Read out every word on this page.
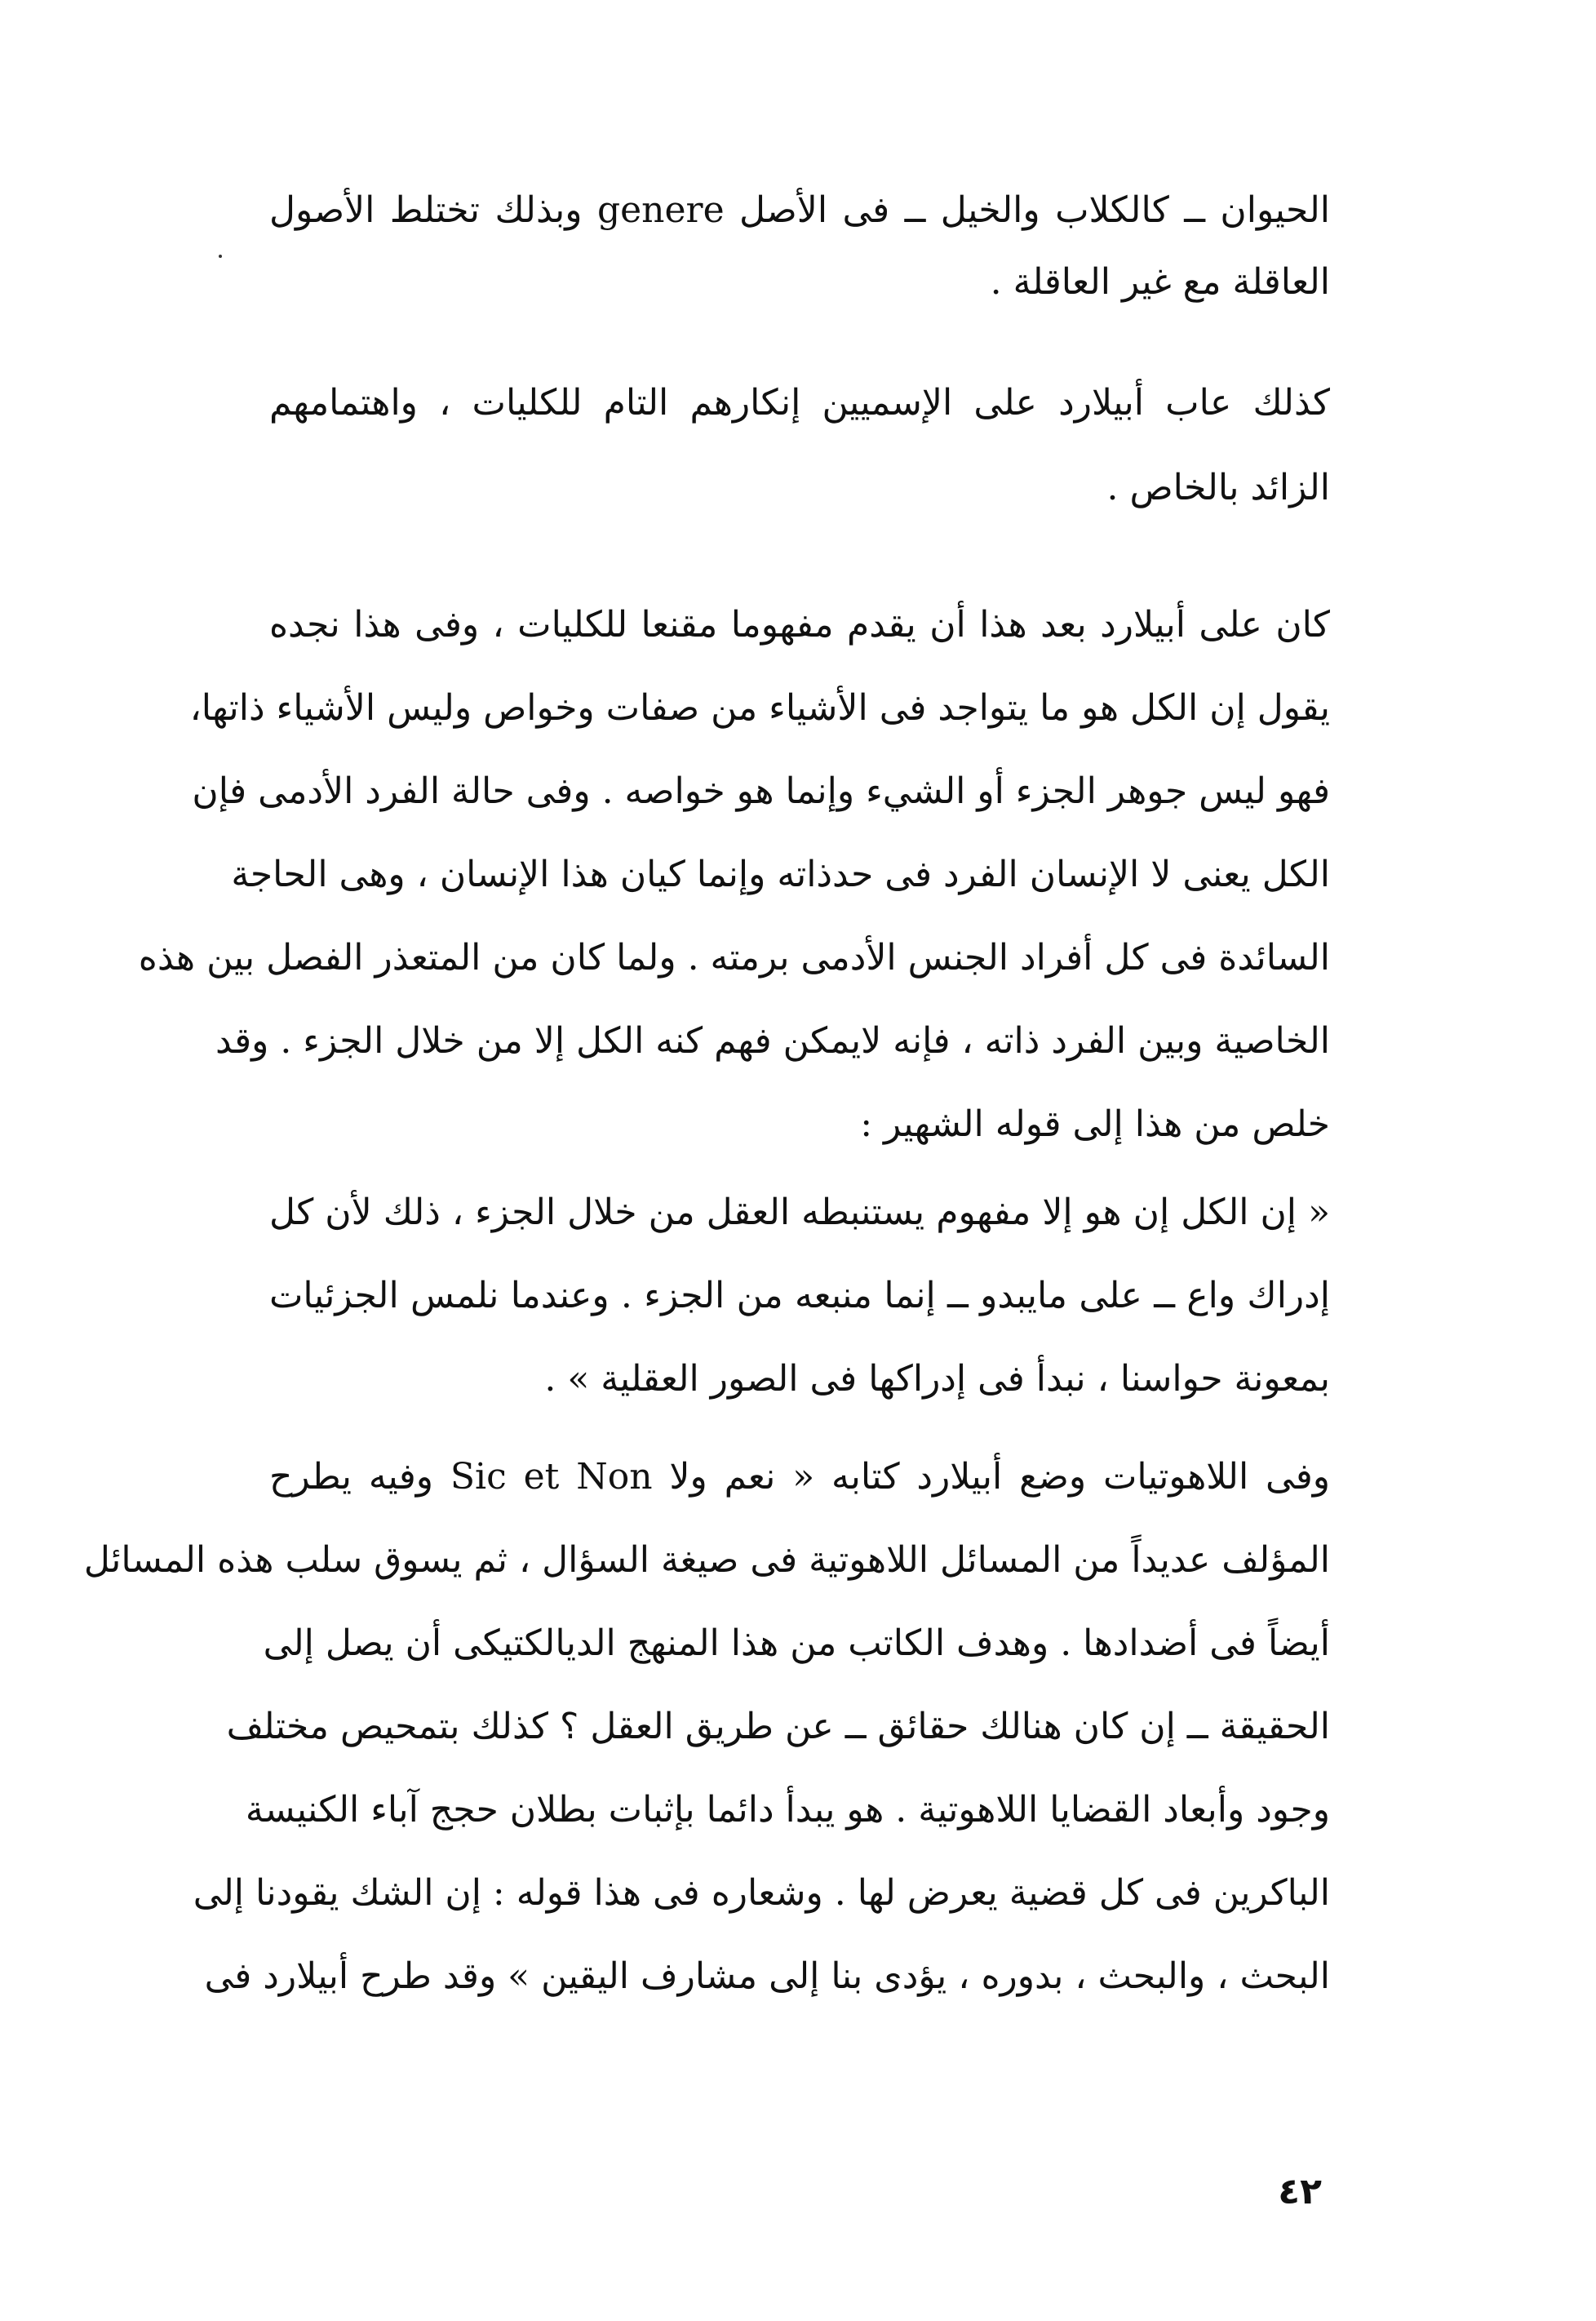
الحيوان ــ كالكلاب والخيل ــ فى الأصل genere وبذلك تختلط الأصول
العاقلة مع غير العاقلة .
كذلك عاب أبيلارد على الإسميين إنكارهم التام للكليات ، واهتمامهم
الزائد بالخاص .
كان على أبيلارد بعد هذا أن يقدم مفهوما مقنعا للكليات ، وفى هذا نجده
يقول إن الكل هو ما يتواجد فى الأشياء من صفات وخواص وليس الأشياء ذاتها،
فهو ليس جوهر الجزء أو الشيء وإنما هو خواصه . وفى حالة الفرد الأدمى فإن
الكل يعنى لا الإنسان الفرد فى حدذاته وإنما كيان هذا الإنسان ، وهى الحاجة
السائدة فى كل أفراد الجنس الأدمى برمته . ولما كان من المتعذر الفصل بين هذه
الخاصية وبين الفرد ذاته ، فإنه لايمكن فهم كنه الكل إلا من خلال الجزء . وقد
خلص من هذا إلى قوله الشهير :
« إن الكل إن هو إلا مفهوم يستنبطه العقل من خلال الجزء ، ذلك لأن كل
إدراك واع ــ على مايبدو ــ إنما منبعه من الجزء . وعندما نلمس الجزئيات
بمعونة حواسنا ، نبدأ فى إدراكها فى الصور العقلية » .
وفى اللاهوتيات وضع أبيلارد كتابه « نعم ولا Sic et Non وفيه يطرح
المؤلف عديداً من المسائل اللاهوتية فى صيغة السؤال ، ثم يسوق سلب هذه المسائل
أيضاً فى أضدادها . وهدف الكاتب من هذا المنهج الديالكتيكى أن يصل إلى
الحقيقة ــ إن كان هنالك حقائق ــ عن طريق العقل ؟ كذلك بتمحيص مختلف
وجود وأبعاد القضايا اللاهوتية . هو يبدأ دائما بإثبات بطلان حجج آباء الكنيسة
الباكرين فى كل قضية يعرض لها . وشعاره فى هذا قوله : إن الشك يقودنا إلى
البحث ، والبحث ، بدوره ، يؤدى بنا إلى مشارف اليقين » وقد طرح أبيلارد فى
٤٢
